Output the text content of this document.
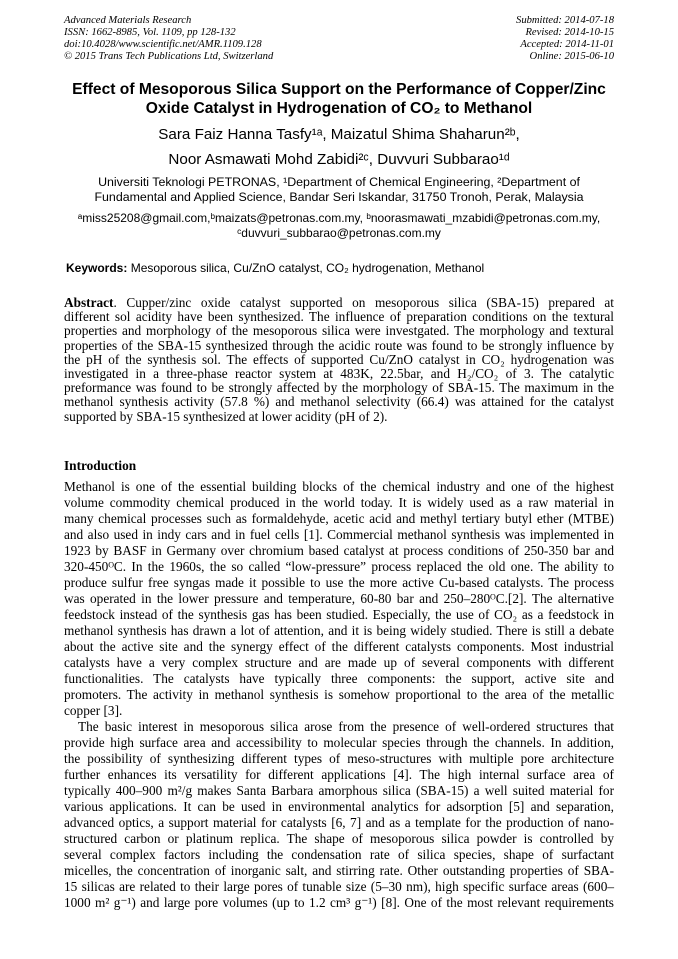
Advanced Materials Research
ISSN: 1662-8985, Vol. 1109, pp 128-132
doi:10.4028/www.scientific.net/AMR.1109.128
© 2015 Trans Tech Publications Ltd, Switzerland
Submitted: 2014-07-18
Revised: 2014-10-15
Accepted: 2014-11-01
Online: 2015-06-10
Effect of Mesoporous Silica Support on the Performance of Copper/Zinc
Oxide Catalyst in Hydrogenation of CO₂ to Methanol
Sara Faiz Hanna Tasfy¹ᵃ, Maizatul Shima Shaharun²ᵇ,
Noor Asmawati Mohd Zabidi²ᶜ, Duvvuri Subbarao¹ᵈ
Universiti Teknologi PETRONAS, ¹Department of Chemical Engineering, ²Department of
Fundamental and Applied Science, Bandar Seri Iskandar, 31750 Tronoh, Perak, Malaysia
ᵃmiss25208@gmail.com,ᵇmaizats@petronas.com.my, ᵇnoorasmawati_mzabidi@petronas.com.my,
ᶜduvvuri_subbarao@petronas.com.my
Keywords: Mesoporous silica, Cu/ZnO catalyst, CO₂ hydrogenation, Methanol
Abstract. Cupper/zinc oxide catalyst supported on mesoporous silica (SBA-15) prepared at
different sol acidity have been synthesized. The influence of preparation conditions on the textural
properties and morphology of the mesoporous silica were investgated. The morphology and textural
properties of the SBA-15 synthesized through the acidic route was found to be strongly influence by
the pH of the synthesis sol. The effects of supported Cu/ZnO catalyst in CO₂ hydrogenation was
investigated in a three-phase reactor system at 483K, 22.5bar, and H₂/CO₂ of 3. The catalytic
preformance was found to be strongly affected by the morphology of SBA-15. The maximum in the
methanol synthesis activity (57.8 %) and methanol selectivity (66.4) was attained for the catalyst
supported by SBA-15 synthesized at lower acidity (pH of 2).
Introduction
Methanol is one of the essential building blocks of the chemical industry and one of the highest
volume commodity chemical produced in the world today. It is widely used as a raw material in
many chemical processes such as formaldehyde, acetic acid and methyl tertiary butyl ether (MTBE)
and also used in indy cars and in fuel cells [1]. Commercial methanol synthesis was implemented in
1923 by BASF in Germany over chromium based catalyst at process conditions of 250-350 bar and
320-450ᴼC. In the 1960s, the so called “low-pressure” process replaced the old one. The ability to
produce sulfur free syngas made it possible to use the more active Cu-based catalysts. The process
was operated in the lower pressure and temperature, 60-80 bar and 250–280ᴼC.[2]. The alternative
feedstock instead of the synthesis gas has been studied. Especially, the use of CO₂ as a feedstock in
methanol synthesis has drawn a lot of attention, and it is being widely studied. There is still a debate
about the active site and the synergy effect of the different catalysts components. Most industrial
catalysts have a very complex structure and are made up of several components with different
functionalities. The catalysts have typically three components: the support, active site and
promoters. The activity in methanol synthesis is somehow proportional to the area of the metallic
copper [3].
The basic interest in mesoporous silica arose from the presence of well-ordered structures that
provide high surface area and accessibility to molecular species through the channels. In addition,
the possibility of synthesizing different types of meso-structures with multiple pore architecture
further enhances its versatility for different applications [4]. The high internal surface area of
typically 400–900 m²/g makes Santa Barbara amorphous silica (SBA-15) a well suited material for
various applications. It can be used in environmental analytics for adsorption [5] and separation,
advanced optics, a support material for catalysts [6, 7] and as a template for the production of nano-
structured carbon or platinum replica. The shape of mesoporous silica powder is controlled by
several complex factors including the condensation rate of silica species, shape of surfactant
micelles, the concentration of inorganic salt, and stirring rate. Other outstanding properties of SBA-
15 silicas are related to their large pores of tunable size (5–30 nm), high specific surface areas (600–
1000 m² g⁻¹) and large pore volumes (up to 1.2 cm³ g⁻¹) [8]. One of the most relevant requirements
